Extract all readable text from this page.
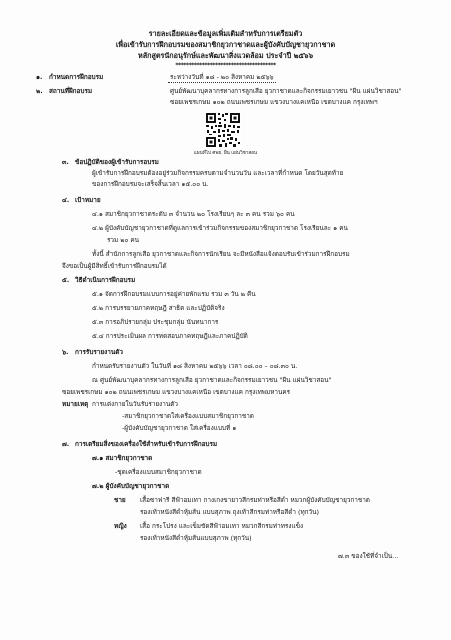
รายละเอียดและข้อมูลเพิ่มเติมสำหรับการเตรียมตัว
เพื่อเข้ารับการฝึกอบรมของสมาชิกยุวกาชาดและผู้บังคับบัญชายุวกาชาด
หลักสูตรนักอนุรักษ์และพัฒนาสิ่งแวดล้อม ประจำปี ๒๕๖๖
**************************************
๑. กำหนดการฝึกอบรม	ระหว่างวันที่ ๑๘ - ๒๐ สิงหาคม ๒๕๖๖
๒. สถานที่ฝึกอบรม	ศูนย์พัฒนาบุคลากรทางการลูกเสือ ยุวกาชาดและกิจกรรมเยาวชน "ผืน แผ่นวิชาสอน"
ซอยเพชรเกษม ๑๐๒ ถนนเพชรเกษม แขวงบางแคเหนือ เขตบางแค กรุงเทพฯ
แผนที่ไป ศพย. ผืน แผ่นวิชาสอน
๓. ข้อปฏิบัติของผู้เข้ารับการอบรม
ผู้เข้ารับการฝึกอบรมต้องอยู่ร่วมกิจกรรมครบตามจำนวนวัน และเวลาที่กำหนด โดยวันสุดท้าย
ของการฝึกอบรมจะเสร็จสิ้นเวลา ๑๕.๐๐ น.
๔. เป้าหมาย
๔.๑ สมาชิกยุวกาชาดระดับ ๓ จำนวน ๒๐ โรงเรียนๆ ละ ๓ คน รวม ๖๐ คน
๔.๒ ผู้บังคับบัญชายุวกาชาดที่ดูแลการเข้าร่วมกิจกรรมของสมาชิกยุวกาชาด โรงเรียนละ ๑ คน
รวม ๒๐ คน
ทั้งนี้ สำนักการลูกเสือ ยุวกาชาดและกิจการนักเรียน จะมีหนังสือแจ้งตอบรับเข้าร่วมการฝึกอบรม
จึงขอเป็นผู้มีสิทธิ์เข้ารับการฝึกอบรมได้
๕. วิธีดำเนินการฝึกอบรม
๕.๑ จัดการฝึกอบรมแบบการอยู่ค่ายพักแรม รวม ๓ วัน ๒ คืน
๕.๒ การบรรยายภาคทฤษฎี สาธิต และปฏิบัติจริง
๕.๓ การอภิปรายกลุ่ม ประชุมกลุ่ม นันทนาการ
๕.๔ การประเมินผล การทดสอบภาคทฤษฎีและภาคปฏิบัติ
๖. การรับรายงานตัว
กำหนดรับรายงานตัว ในวันที่ ๑๘ สิงหาคม ๒๕๖๖ เวลา ๐๘.๐๐ – ๐๘.๓๐ น.
ณ ศูนย์พัฒนาบุคลากรทางการลูกเสือ ยุวกาชาดและกิจกรรมเยาวชน "ผืน แผ่นวิชาสอน"
ซอยเพชรเกษม ๑๐๒ ถนนเพชรเกษม แขวงบางแคเหนือ เขตบางแค กรุงเทพมหานคร
หมายเหตุ การแต่งกายในวันรับรายงานตัว
-สมาชิกยุวกาชาดใส่เครื่องแบบสมาชิกยุวกาชาด
-ผู้บังคับบัญชายุวกาชาด ใส่เครื่องแบบที่ ๑
๗. การเตรียมสิ่งของเครื่องใช้สำหรับเข้ารับการฝึกอบรม
๗.๑ สมาชิกยุวกาชาด
-ชุดเครื่องแบบสมาชิกยุวกาชาด
๗.๒ ผู้บังคับบัญชายุวกาชาด
ชาย เสื้อซาฟารี สีฟ้าอมเทา กางเกงขายาวสีกรมท่าหรือสีดำ หมวกผู้บังคับบัญชายุวกาชาด
รองเท้าหนังสีดำหุ้มส้น แบบสุภาพ ถุงเท้าสีกรมท่าหรือสีดำ (ทุกวัน)
หญิง เสื้อ กระโปรง และเข็มขัดสีฟ้าอมเทา หมวกสีกรมท่าทรงแข็ง
รองเท้าหนังสีดำหุ้มส้นแบบสุภาพ (ทุกวัน)
๗.๓ ของใช้ที่จำเป็น...
